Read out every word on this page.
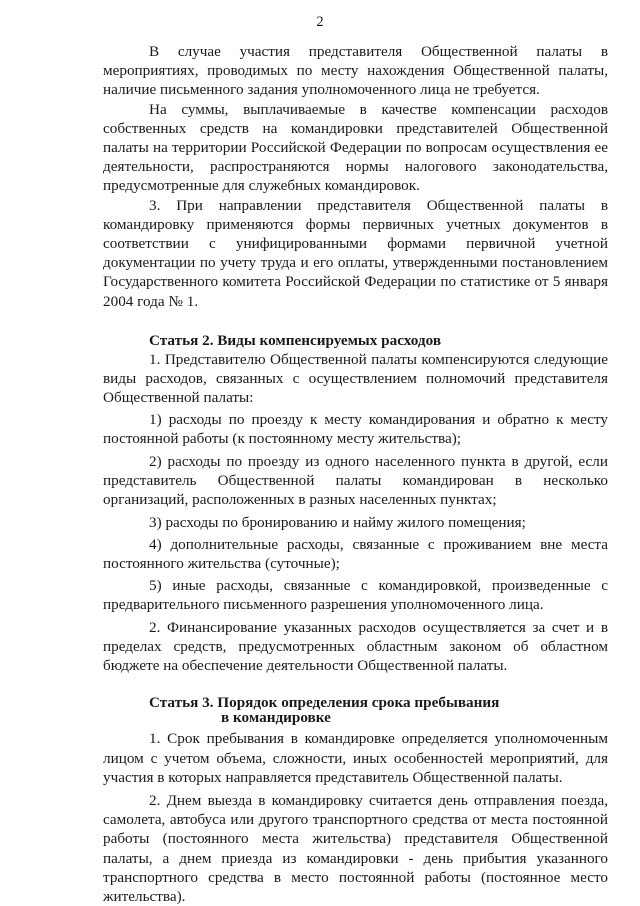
2

В случае участия представителя Общественной палаты в мероприятиях, проводимых по месту нахождения Общественной палаты, наличие письменного задания уполномоченного лица не требуется.

На суммы, выплачиваемые в качестве компенсации расходов собственных средств на командировки представителей Общественной палаты на территории Российской Федерации по вопросам осуществления ее деятельности, распространяются нормы налогового законодательства, предусмотренные для служебных командировок.

3. При направлении представителя Общественной палаты в командировку применяются формы первичных учетных документов в соответствии с унифицированными формами первичной учетной документации по учету труда и его оплаты, утвержденными постановлением Государственного комитета Российской Федерации по статистике от 5 января 2004 года № 1.

Статья 2. Виды компенсируемых расходов

1. Представителю Общественной палаты компенсируются следующие виды расходов, связанных с осуществлением полномочий представителя Общественной палаты:

1) расходы по проезду к месту командирования и обратно к месту постоянной работы (к постоянному месту жительства);

2) расходы по проезду из одного населенного пункта в другой, если представитель Общественной палаты командирован в несколько организаций, расположенных в разных населенных пунктах;

3) расходы по бронированию и найму жилого помещения;

4) дополнительные расходы, связанные с проживанием вне места постоянного жительства (суточные);

5) иные расходы, связанные с командировкой, произведенные с предварительного письменного разрешения уполномоченного лица.

2. Финансирование указанных расходов осуществляется за счет и в пределах средств, предусмотренных областным законом об областном бюджете на обеспечение деятельности Общественной палаты.

Статья 3. Порядок определения срока пребывания

в командировке

1. Срок пребывания в командировке определяется уполномоченным лицом с учетом объема, сложности, иных особенностей мероприятий, для участия в которых направляется представитель Общественной палаты.

2. Днем выезда в командировку считается день отправления поезда, самолета, автобуса или другого транспортного средства от места постоянной работы (постоянного места жительства) представителя Общественной палаты, а днем приезда из командировки - день прибытия указанного транспортного средства в место постоянной работы (постоянное место жительства).
